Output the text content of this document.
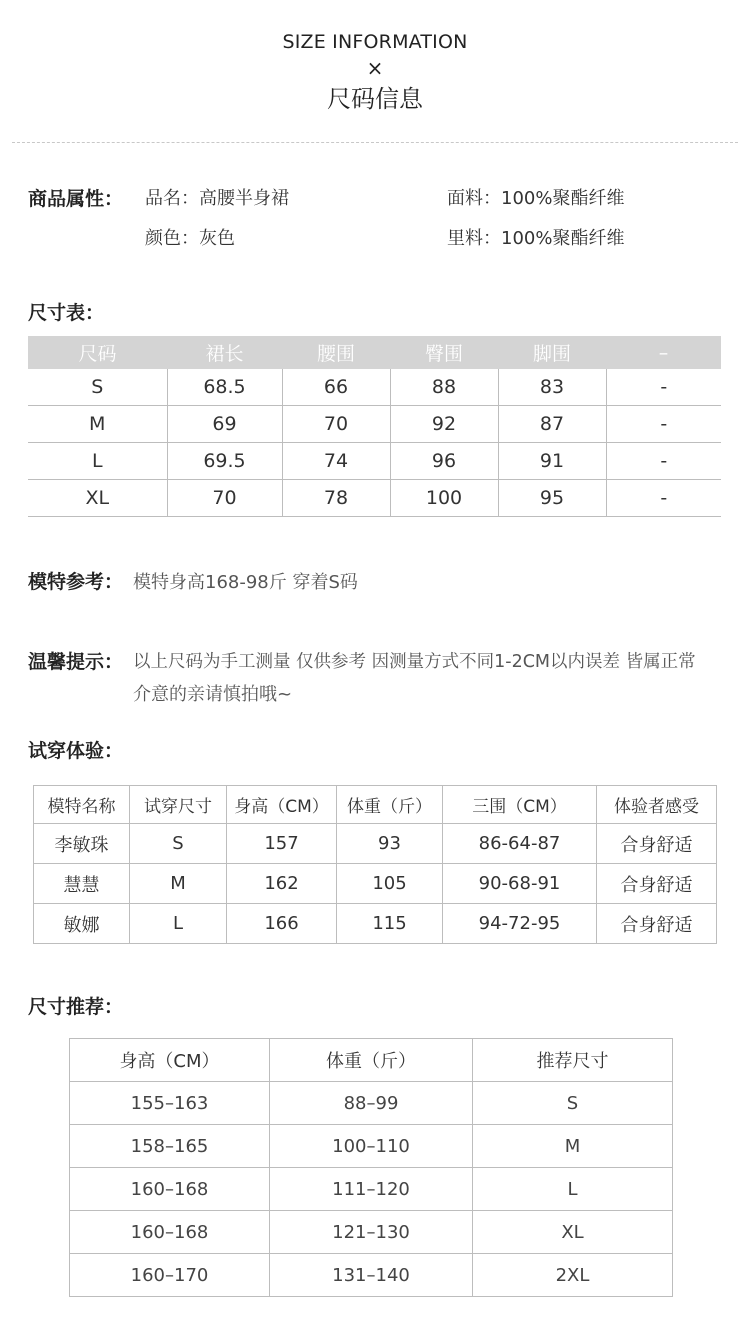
SIZE INFORMATION
×
尺码信息
商品属性： 品名：高腰半身裙	面料：100%聚酯纤维
颜色：灰色	里料：100%聚酯纤维
尺寸表：
尺码	裙长	腰围	臀围	脚围	–
S	68.5	66	88	83	-
M	69	70	92	87	-
L	69.5	74	96	91	-
XL	70	78	100	95	-
模特参考： 模特身高168-98斤 穿着S码
温馨提示： 以上尺码为手工测量 仅供参考 因测量方式不同1-2CM以内误差 皆属正常
介意的亲请慎拍哦~
试穿体验：
模特名称	试穿尺寸	身高（CM）	体重（斤）	三围（CM）	体验者感受
李敏珠	S	157	93	86-64-87	合身舒适
慧慧	M	162	105	90-68-91	合身舒适
敏娜	L	166	115	94-72-95	合身舒适
尺寸推荐：
身高（CM）	体重（斤）	推荐尺寸
155–163	88–99	S
158–165	100–110	M
160–168	111–120	L
160–168	121–130	XL
160–170	131–140	2XL
